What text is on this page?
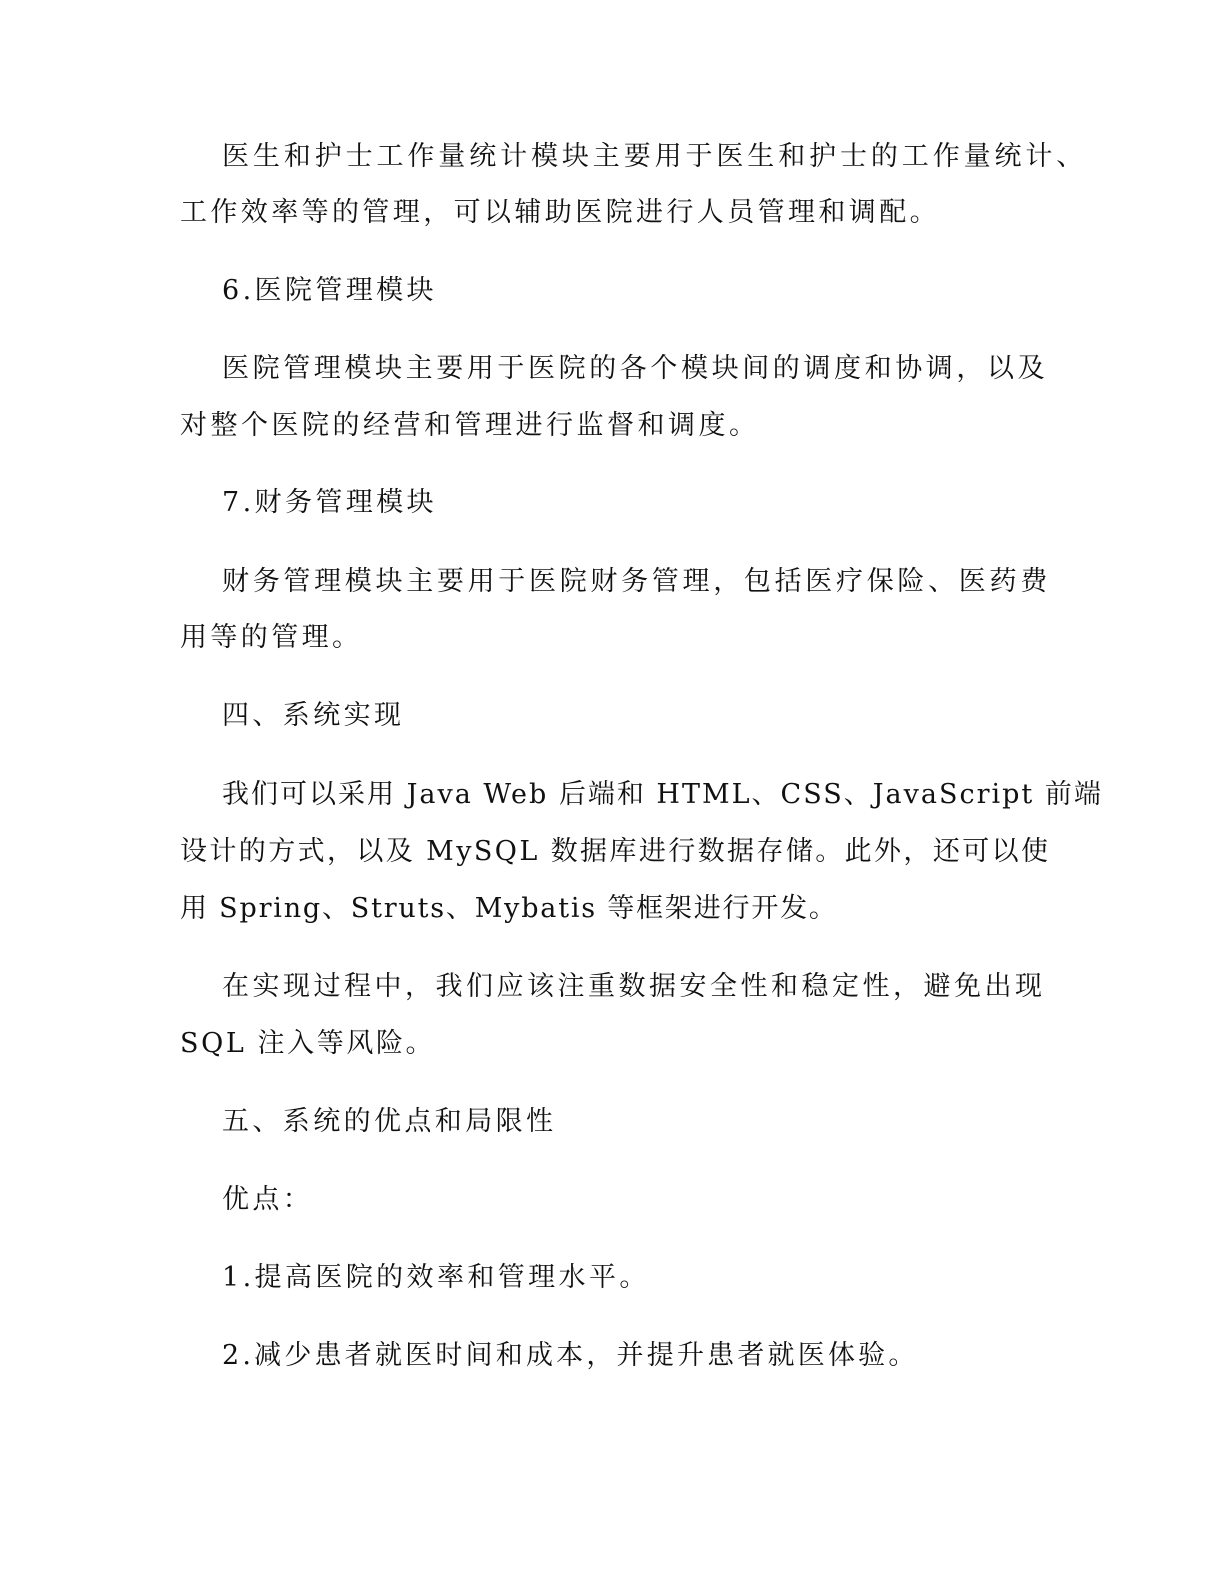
医生和护士工作量统计模块主要用于医生和护士的工作量统计、

工作效率等的管理，可以辅助医院进行人员管理和调配。

6.医院管理模块

医院管理模块主要用于医院的各个模块间的调度和协调，以及

对整个医院的经营和管理进行监督和调度。

7.财务管理模块

财务管理模块主要用于医院财务管理，包括医疗保险、医药费

用等的管理。

四、系统实现

我们可以采用 Java Web 后端和 HTML、CSS、JavaScript 前端

设计的方式，以及 MySQL 数据库进行数据存储。此外，还可以使

用 Spring、Struts、Mybatis 等框架进行开发。

在实现过程中，我们应该注重数据安全性和稳定性，避免出现

SQL 注入等风险。

五、系统的优点和局限性

优点：

1.提高医院的效率和管理水平。

2.减少患者就医时间和成本，并提升患者就医体验。
